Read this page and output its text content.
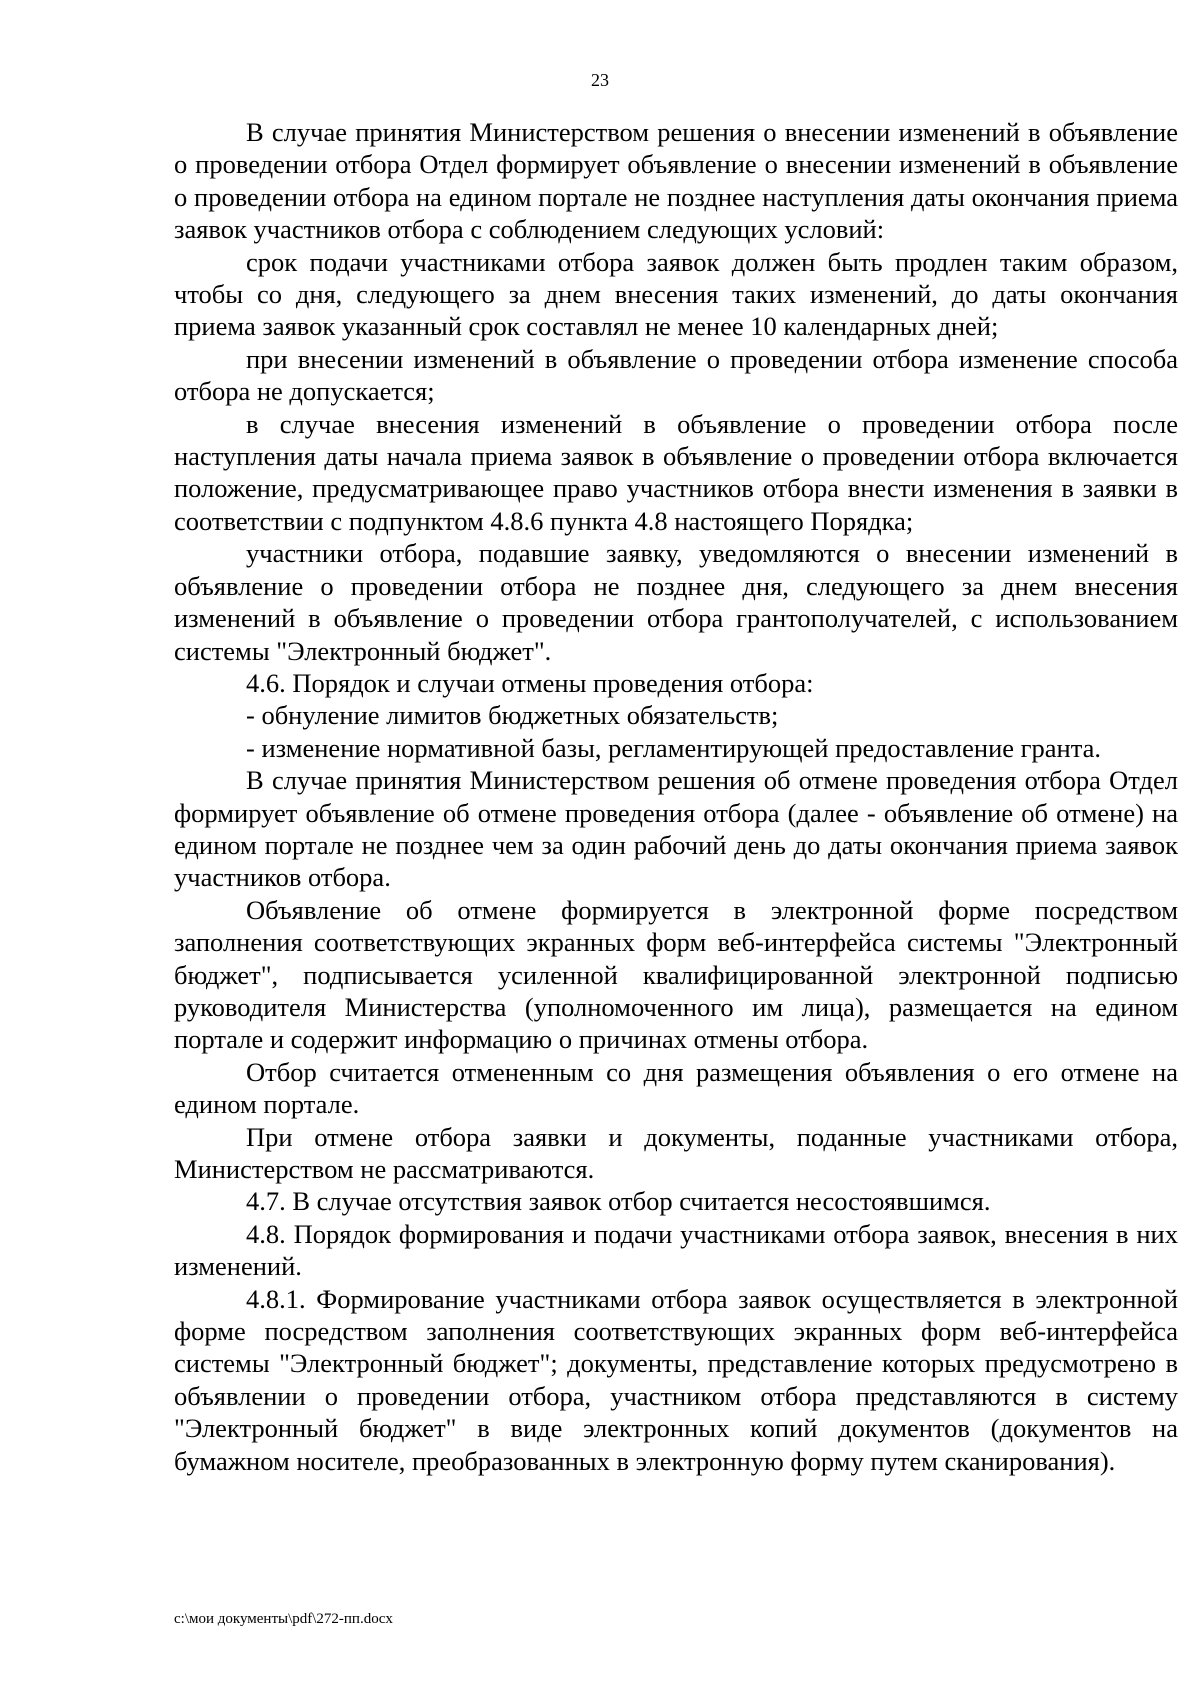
23

В случае принятия Министерством решения о внесении изменений в объявление о проведении отбора Отдел формирует объявление о внесении изменений в объявление о проведении отбора на едином портале не позднее наступления даты окончания приема заявок участников отбора с соблюдением следующих условий:

срок подачи участниками отбора заявок должен быть продлен таким образом, чтобы со дня, следующего за днем внесения таких изменений, до даты окончания приема заявок указанный срок составлял не менее 10 календарных дней;

при внесении изменений в объявление о проведении отбора изменение способа отбора не допускается;

в случае внесения изменений в объявление о проведении отбора после наступления даты начала приема заявок в объявление о проведении отбора включается положение, предусматривающее право участников отбора внести изменения в заявки в соответствии с подпунктом 4.8.6 пункта 4.8 настоящего Порядка;

участники отбора, подавшие заявку, уведомляются о внесении изменений в объявление о проведении отбора не позднее дня, следующего за днем внесения изменений в объявление о проведении отбора грантополучателей, с использованием системы "Электронный бюджет".

4.6. Порядок и случаи отмены проведения отбора:

- обнуление лимитов бюджетных обязательств;

- изменение нормативной базы, регламентирующей предоставление гранта.

В случае принятия Министерством решения об отмене проведения отбора Отдел формирует объявление об отмене проведения отбора (далее - объявление об отмене) на едином портале не позднее чем за один рабочий день до даты окончания приема заявок участников отбора.

Объявление об отмене формируется в электронной форме посредством заполнения соответствующих экранных форм веб-интерфейса системы "Электронный бюджет", подписывается усиленной квалифицированной электронной подписью руководителя Министерства (уполномоченного им лица), размещается на едином портале и содержит информацию о причинах отмены отбора.

Отбор считается отмененным со дня размещения объявления о его отмене на едином портале.

При отмене отбора заявки и документы, поданные участниками отбора, Министерством не рассматриваются.

4.7. В случае отсутствия заявок отбор считается несостоявшимся.

4.8. Порядок формирования и подачи участниками отбора заявок, внесения в них изменений.

4.8.1. Формирование участниками отбора заявок осуществляется в электронной форме посредством заполнения соответствующих экранных форм веб-интерфейса системы "Электронный бюджет"; документы, представление которых предусмотрено в объявлении о проведении отбора, участником отбора представляются в систему "Электронный бюджет" в виде электронных копий документов (документов на бумажном носителе, преобразованных в электронную форму путем сканирования).

c:\мои документы\pdf\272-пп.docx
